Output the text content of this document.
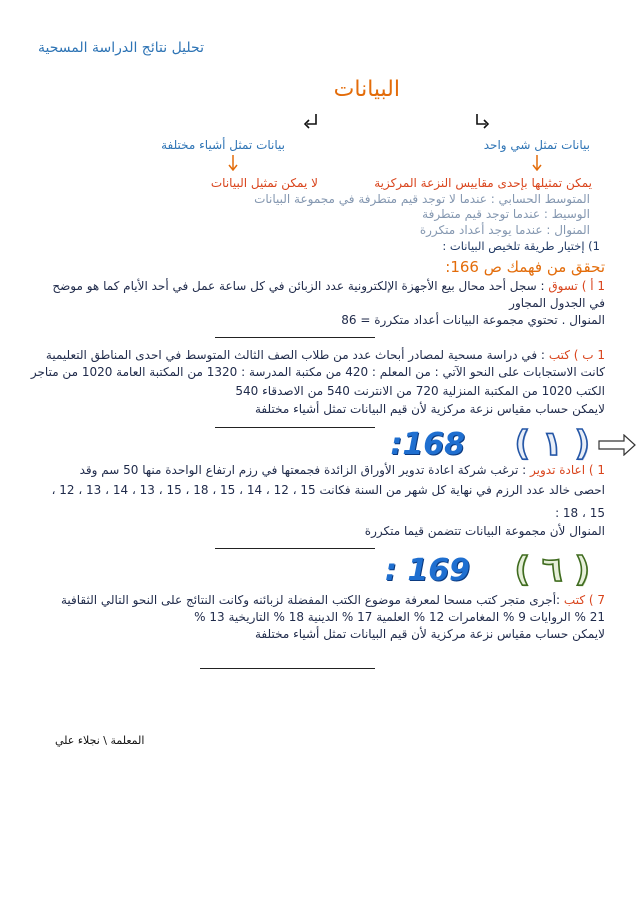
تحليل نتائج الدراسة المسحية
البيانات
بيانات تمثل شي واحد
بيانات تمثل أشياء مختلفة
يمكن تمثيلها بإحدى مقاييس النزعة المركزية
لا يمكن تمثيل البيانات
المتوسط الحسابي : عندما لا توجد قيم متطرفة في مجموعة البيانات
الوسيط : عندما توجد قيم متطرفة
المنوال : عندما يوجد أعداد متكررة
1) إختيار طريقة تلخيص البيانات :
تحقق من فهمك ص 166:
1 أ ) تسوق : سجل أحد محال بيع الأجهزة الإلكترونية عدد الزبائن في كل ساعة عمل في أحد الأيام كما هو موضح
في الجدول المجاور
المنوال . تحتوي مجموعة البيانات أعداد متكررة = 86
1 ب ) كتب : في دراسة مسحية لمصادر أبحاث عدد من طلاب الصف الثالث المتوسط في احدى المناطق التعليمية
كانت الاستجابات على النحو الآتي : من المعلم : 420 من مكتبة المدرسة : 1320 من المكتبة العامة 1020 من متاجر
الكتب 1020 من المكتبة المنزلية 720 من الانترنت 540 من الاصدقاء 540
لايمكن حساب مقياس نزعة مركزية لأن قيم البيانات تمثل أشياء مختلفة
( ١ )
168:
1 ) اعادة تدوير : ترغب شركة اعادة تدوير الأوراق الزائدة فجمعتها في رزم ارتفاع الواحدة منها 50 سم وقد
احصى خالد عدد الرزم في نهاية كل شهر من السنة فكانت 15 ، 12 ، 14 ، 15 ، 18 ، 15 ، 13 ، 14 ، 13 ، 12 ،
15 ، 18 :
المنوال لأن مجموعة البيانات تتضمن قيما متكررة
( ٦ )
169 :
7 ) كتب :أجرى متجر كتب مسحا لمعرفة موضوع الكتب المفضلة لزبائنه وكانت النتائج على النحو التالي الثقافية
21 % الروايات 9 % المغامرات 12 % العلمية 17 % الدينية 18 % التاريخية 13 %
لايمكن حساب مقياس نزعة مركزية لأن قيم البيانات تمثل أشياء مختلفة
المعلمة \ نجلاء علي
